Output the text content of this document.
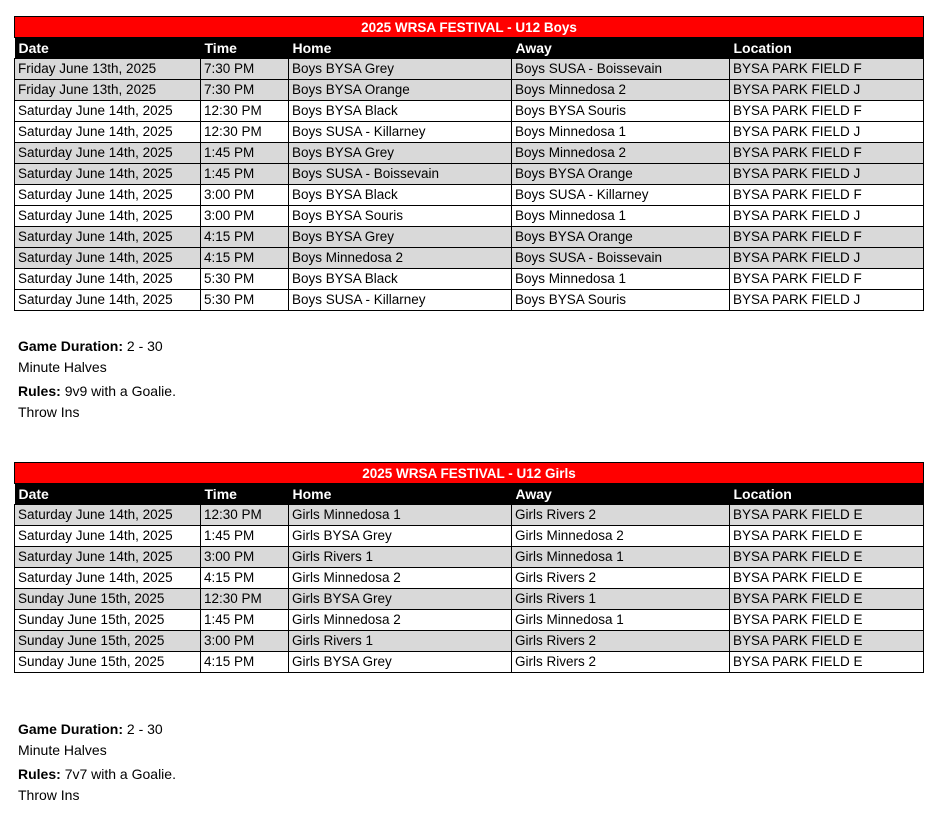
2025 WRSA FESTIVAL - U12 Boys				
Date	Time	Home	Away	Location
Friday June 13th, 2025	7:30 PM	Boys BYSA Grey	Boys SUSA - Boissevain	BYSA PARK FIELD F
Friday June 13th, 2025	7:30 PM	Boys BYSA Orange	Boys Minnedosa 2	BYSA PARK FIELD J
Saturday June 14th, 2025	12:30 PM	Boys BYSA Black	Boys BYSA Souris	BYSA PARK FIELD F
Saturday June 14th, 2025	12:30 PM	Boys SUSA - Killarney	Boys Minnedosa 1	BYSA PARK FIELD J
Saturday June 14th, 2025	1:45 PM	Boys BYSA Grey	Boys Minnedosa 2	BYSA PARK FIELD F
Saturday June 14th, 2025	1:45 PM	Boys SUSA - Boissevain	Boys BYSA Orange	BYSA PARK FIELD J
Saturday June 14th, 2025	3:00 PM	Boys BYSA Black	Boys SUSA - Killarney	BYSA PARK FIELD F
Saturday June 14th, 2025	3:00 PM	Boys BYSA Souris	Boys Minnedosa 1	BYSA PARK FIELD J
Saturday June 14th, 2025	4:15 PM	Boys BYSA Grey	Boys BYSA Orange	BYSA PARK FIELD F
Saturday June 14th, 2025	4:15 PM	Boys Minnedosa 2	Boys SUSA - Boissevain	BYSA PARK FIELD J
Saturday June 14th, 2025	5:30 PM	Boys BYSA Black	Boys Minnedosa 1	BYSA PARK FIELD F
Saturday June 14th, 2025	5:30 PM	Boys SUSA - Killarney	Boys BYSA Souris	BYSA PARK FIELD J
Game Duration: 2 - 30
Minute Halves
Rules: 9v9 with a Goalie.
Throw Ins
2025 WRSA FESTIVAL - U12 Girls				
Date	Time	Home	Away	Location
Saturday June 14th, 2025	12:30 PM	Girls Minnedosa 1	Girls Rivers 2	BYSA PARK FIELD E
Saturday June 14th, 2025	1:45 PM	Girls BYSA Grey	Girls Minnedosa 2	BYSA PARK FIELD E
Saturday June 14th, 2025	3:00 PM	Girls Rivers 1	Girls Minnedosa 1	BYSA PARK FIELD E
Saturday June 14th, 2025	4:15 PM	Girls Minnedosa 2	Girls Rivers 2	BYSA PARK FIELD E
Sunday June 15th, 2025	12:30 PM	Girls BYSA Grey	Girls Rivers 1	BYSA PARK FIELD E
Sunday June 15th, 2025	1:45 PM	Girls Minnedosa 2	Girls Minnedosa 1	BYSA PARK FIELD E
Sunday June 15th, 2025	3:00 PM	Girls Rivers 1	Girls Rivers 2	BYSA PARK FIELD E
Sunday June 15th, 2025	4:15 PM	Girls BYSA Grey	Girls Rivers 2	BYSA PARK FIELD E
Game Duration: 2 - 30
Minute Halves
Rules: 7v7 with a Goalie.
Throw Ins
